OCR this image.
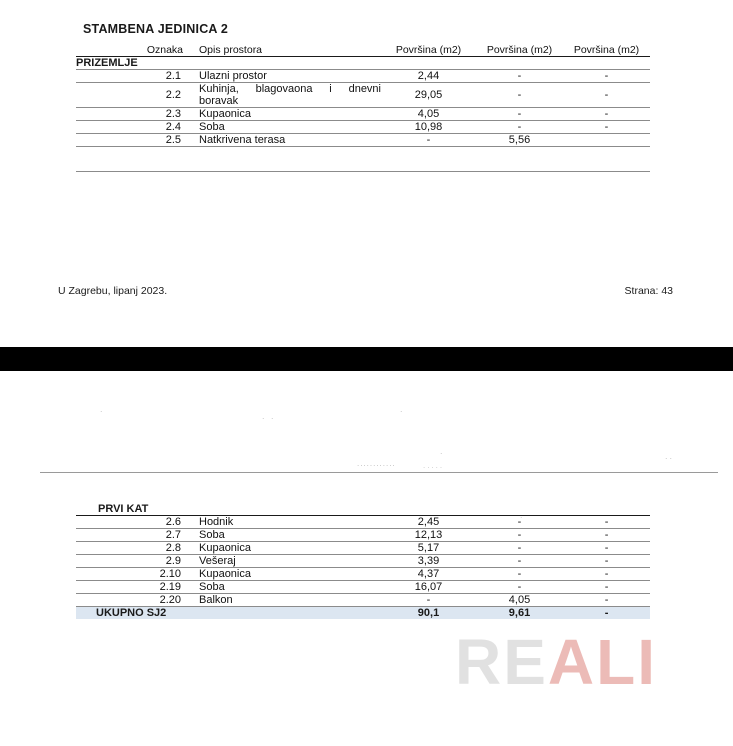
STAMBENA JEDINICA 2
Oznaka	Opis prostora	Površina (m2)	Površina (m2)	Površina (m2)
PRIZEMLJE				
2.1	Ulazni prostor	2,44	-	-
2.2	Kuhinja, blagovaona i dnevni boravak	29,05	-	-
2.3	Kupaonica	4,05	-	-
2.4	Soba	10,98	-	-
2.5	Natkrivena terasa	-	5,56	

U Zagrebu, lipanj 2023.	Strana: 43
.
. .
.
.	..
............	.....
.
PRVI KAT				
2.6	Hodnik	2,45	-	-
2.7	Soba	12,13	-	-
2.8	Kupaonica	5,17	-	-
2.9	Vešeraj	3,39	-	-
2.10	Kupaonica	4,37	-	-
2.19	Soba	16,07	-	-
2.20	Balkon	-	4,05	-
UKUPNO SJ2		90,1	9,61	-
REALI
